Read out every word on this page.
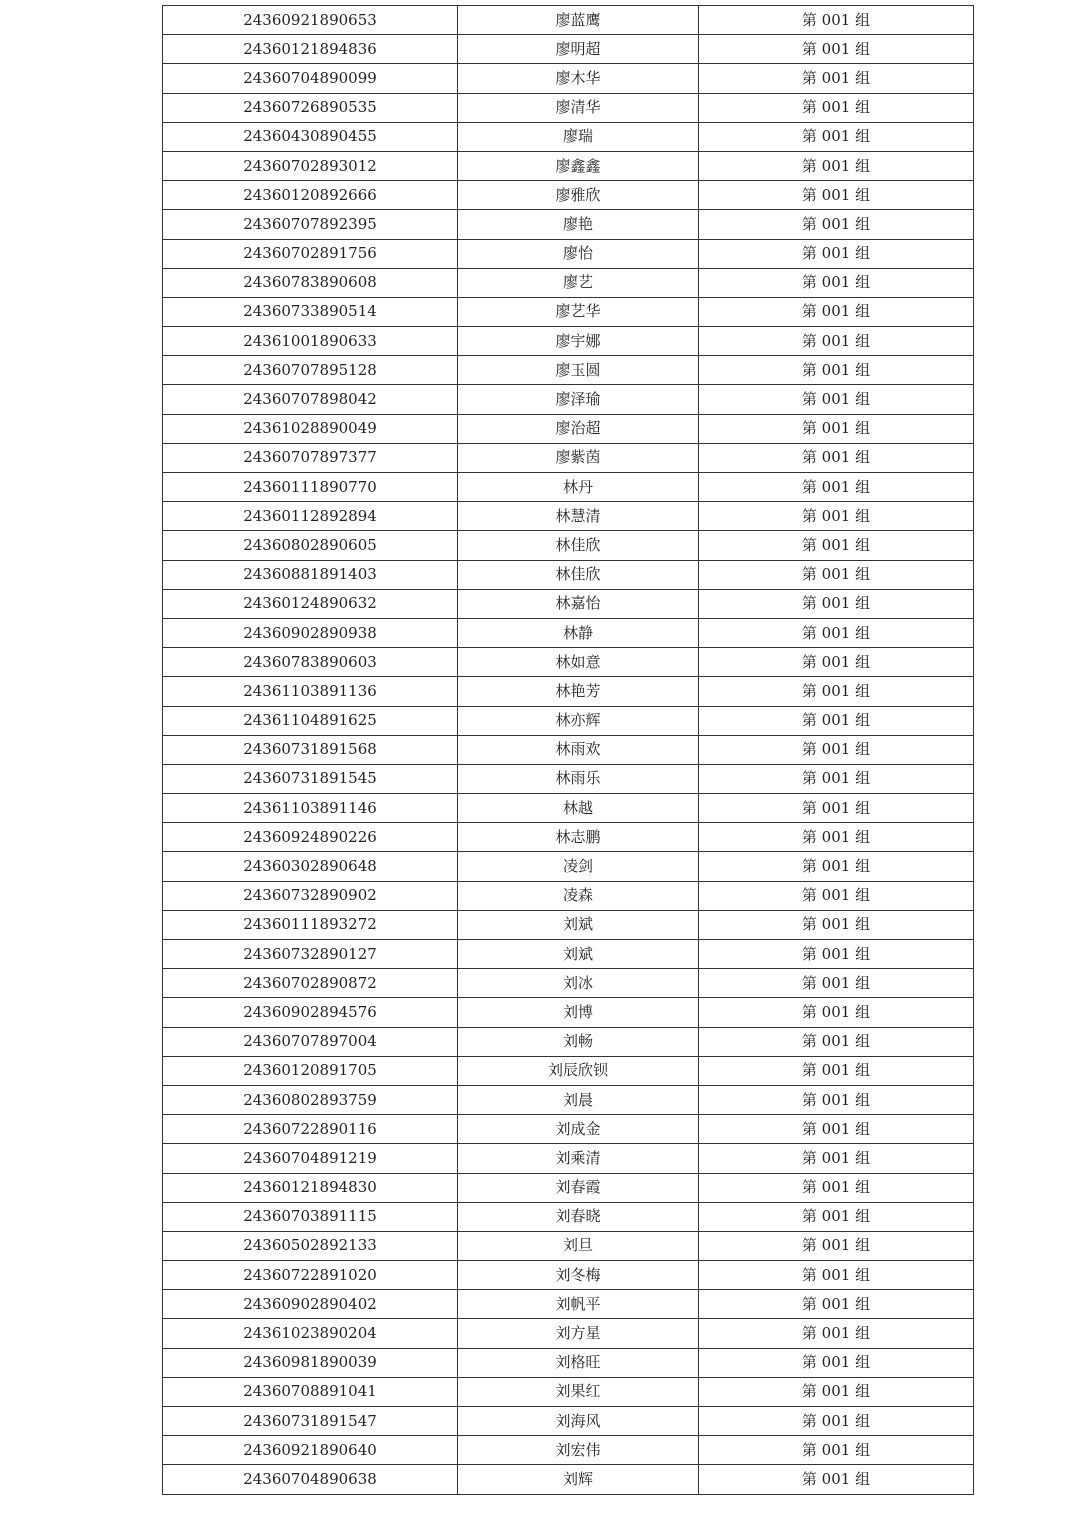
24360921890653	廖蓝鹰	第 001 组
24360121894836	廖明超	第 001 组
24360704890099	廖木华	第 001 组
24360726890535	廖清华	第 001 组
24360430890455	廖瑞	第 001 组
24360702893012	廖鑫鑫	第 001 组
24360120892666	廖雅欣	第 001 组
24360707892395	廖艳	第 001 组
24360702891756	廖怡	第 001 组
24360783890608	廖艺	第 001 组
24360733890514	廖艺华	第 001 组
24361001890633	廖宇娜	第 001 组
24360707895128	廖玉圆	第 001 组
24360707898042	廖泽瑜	第 001 组
24361028890049	廖治超	第 001 组
24360707897377	廖紫茵	第 001 组
24360111890770	林丹	第 001 组
24360112892894	林慧清	第 001 组
24360802890605	林佳欣	第 001 组
24360881891403	林佳欣	第 001 组
24360124890632	林嘉怡	第 001 组
24360902890938	林静	第 001 组
24360783890603	林如意	第 001 组
24361103891136	林艳芳	第 001 组
24361104891625	林亦辉	第 001 组
24360731891568	林雨欢	第 001 组
24360731891545	林雨乐	第 001 组
24361103891146	林越	第 001 组
24360924890226	林志鹏	第 001 组
24360302890648	凌剑	第 001 组
24360732890902	凌森	第 001 组
24360111893272	刘斌	第 001 组
24360732890127	刘斌	第 001 组
24360702890872	刘冰	第 001 组
24360902894576	刘博	第 001 组
24360707897004	刘畅	第 001 组
24360120891705	刘辰欣钡	第 001 组
24360802893759	刘晨	第 001 组
24360722890116	刘成金	第 001 组
24360704891219	刘乘清	第 001 组
24360121894830	刘春霞	第 001 组
24360703891115	刘春晓	第 001 组
24360502892133	刘旦	第 001 组
24360722891020	刘冬梅	第 001 组
24360902890402	刘帆平	第 001 组
24361023890204	刘方星	第 001 组
24360981890039	刘格旺	第 001 组
24360708891041	刘果红	第 001 组
24360731891547	刘海风	第 001 组
24360921890640	刘宏伟	第 001 组
24360704890638	刘辉	第 001 组
